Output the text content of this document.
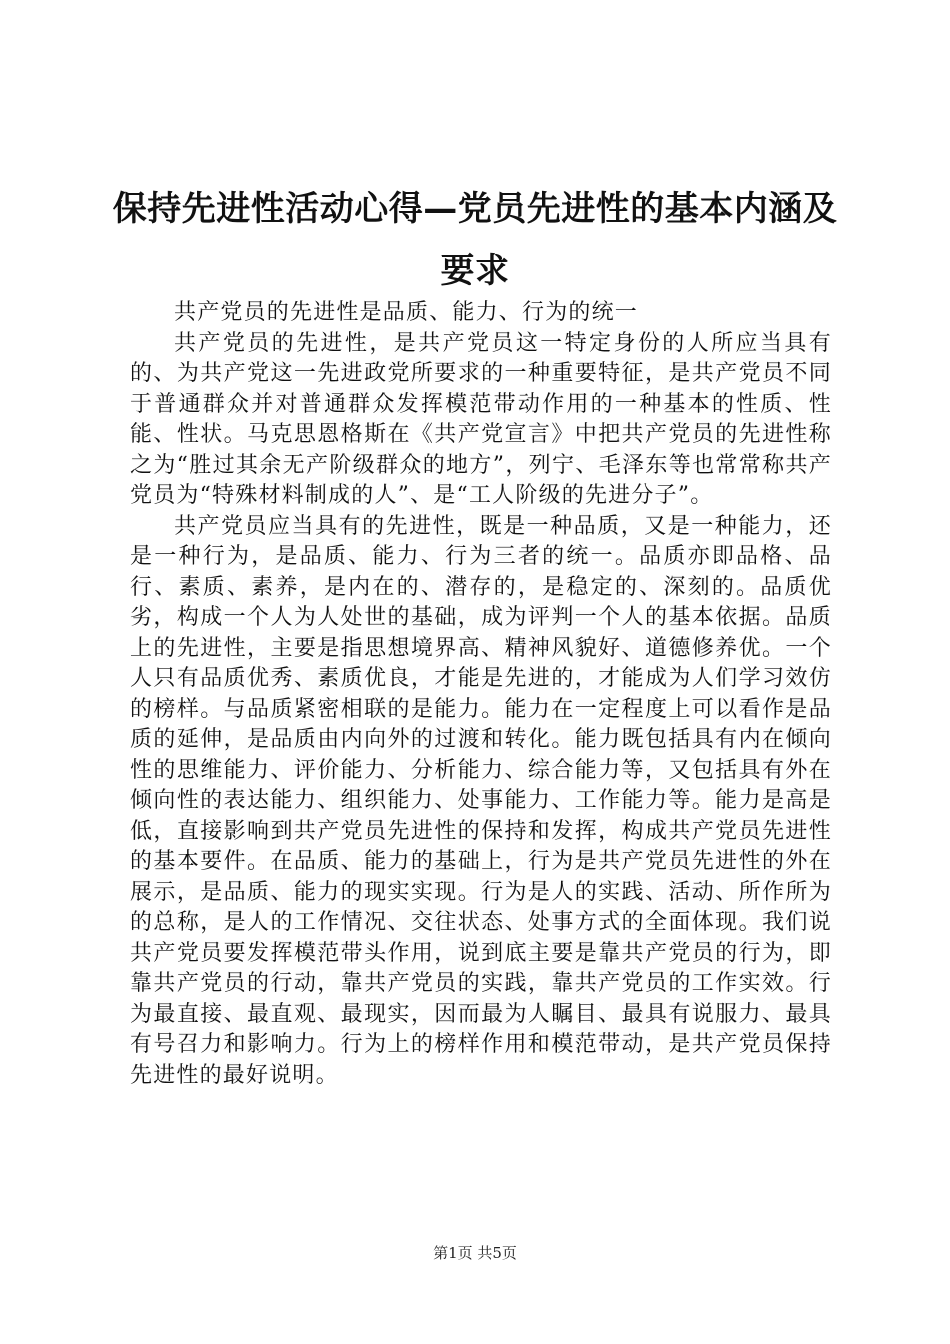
保持先进性活动心得—党员先进性的基本内涵及要求

共产党员的先进性是品质、能力、行为的统一

共产党员的先进性，是共产党员这一特定身份的人所应当具有的、为共产党这一先进政党所要求的一种重要特征，是共产党员不同于普通群众并对普通群众发挥模范带动作用的一种基本的性质、性能、性状。马克思恩格斯在《共产党宣言》中把共产党员的先进性称之为“胜过其余无产阶级群众的地方”，列宁、毛泽东等也常常称共产党员为“特殊材料制成的人”、是“工人阶级的先进分子”。

共产党员应当具有的先进性，既是一种品质，又是一种能力，还是一种行为，是品质、能力、行为三者的统一。品质亦即品格、品行、素质、素养，是内在的、潜存的，是稳定的、深刻的。品质优劣，构成一个人为人处世的基础，成为评判一个人的基本依据。品质上的先进性，主要是指思想境界高、精神风貌好、道德修养优。一个人只有品质优秀、素质优良，才能是先进的，才能成为人们学习效仿的榜样。与品质紧密相联的是能力。能力在一定程度上可以看作是品质的延伸，是品质由内向外的过渡和转化。能力既包括具有内在倾向性的思维能力、评价能力、分析能力、综合能力等，又包括具有外在倾向性的表达能力、组织能力、处事能力、工作能力等。能力是高是低，直接影响到共产党员先进性的保持和发挥，构成共产党员先进性的基本要件。在品质、能力的基础上，行为是共产党员先进性的外在展示，是品质、能力的现实实现。行为是人的实践、活动、所作所为的总称，是人的工作情况、交往状态、处事方式的全面体现。我们说共产党员要发挥模范带头作用，说到底主要是靠共产党员的行为，即靠共产党员的行动，靠共产党员的实践，靠共产党员的工作实效。行为最直接、最直观、最现实，因而最为人瞩目、最具有说服力、最具有号召力和影响力。行为上的榜样作用和模范带动，是共产党员保持先进性的最好说明。

第1页 共5页
